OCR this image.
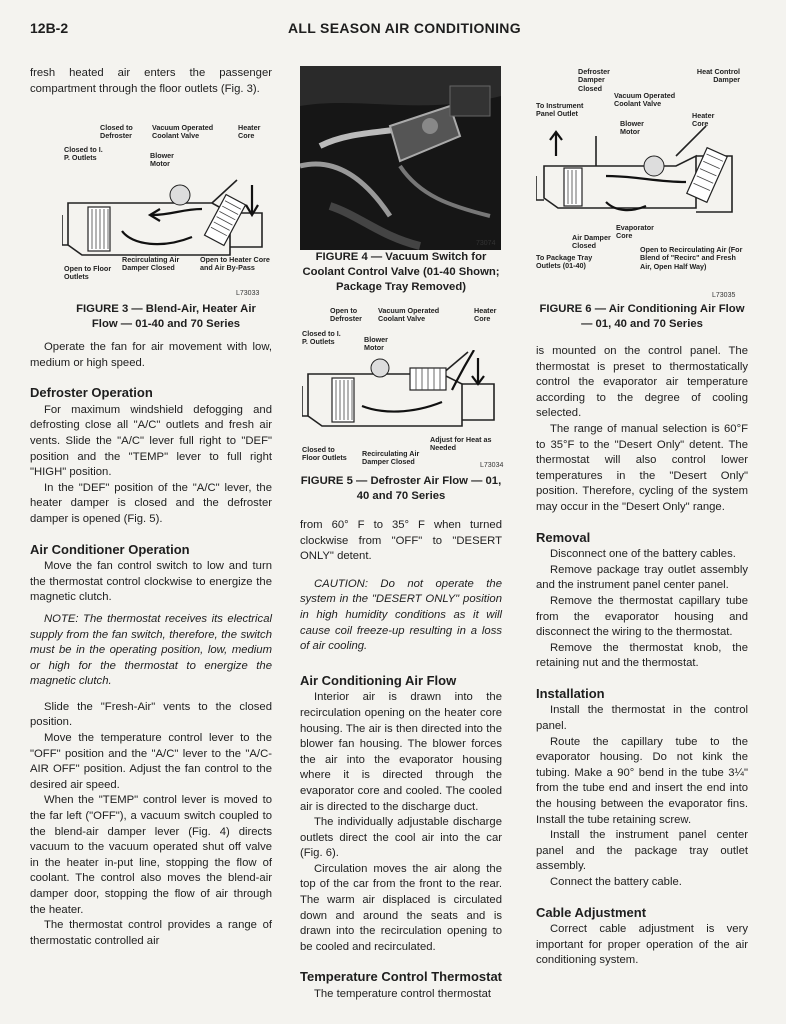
12B-2	ALL SEASON AIR CONDITIONING

fresh heated air enters the passenger compartment through the floor outlets (Fig. 3).

Closed to Defroster
Vacuum Operated Coolant Valve
Heater Core
Closed to I. P. Outlets	Blower Motor
Recirculating Air Damper Closed
Open to Heater Core and Air By-Pass
Open to Floor Outlets
L73033
FIGURE 3 — Blend-Air, Heater Air Flow — 01-40 and 70 Series

Operate the fan for air movement with low, medium or high speed.

Defroster Operation

For maximum windshield defogging and defrosting close all "A/C" outlets and fresh air vents. Slide the "A/C" lever full right to "DEF" position and the "TEMP" lever to full right "HIGH" position.

In the "DEF" position of the "A/C" lever, the heater damper is closed and the defroster damper is opened (Fig. 5).

Air Conditioner Operation

Move the fan control switch to low and turn the thermostat control clockwise to energize the magnetic clutch.

NOTE: The thermostat receives its electrical supply from the fan switch, therefore, the switch must be in the operating position, low, medium or high for the thermostat to energize the magnetic clutch.

Slide the "Fresh-Air" vents to the closed position.

Move the temperature control lever to the "OFF" position and the "A/C" lever to the "A/C-AIR OFF" position. Adjust the fan control to the desired air speed.

When the "TEMP" control lever is moved to the far left ("OFF"), a vacuum switch coupled to the blend-air damper lever (Fig. 4) directs vacuum to the vacuum operated shut off valve in the heater in-put line, stopping the flow of coolant. The control also moves the blend-air damper door, stopping the flow of air through the heater.

The thermostat control provides a range of thermostatic controlled air

73074
FIGURE 4 — Vacuum Switch for Coolant Control Valve (01-40 Shown; Package Tray Removed)
Open to Defroster
Vacuum Operated Coolant Valve
Heater Core
Closed to I. P. Outlets	Blower Motor
Adjust for Heat as Needed
Closed to Floor Outlets Recirculating Air Damper Closed	L73034
FIGURE 5 — Defroster Air Flow — 01, 40 and 70 Series

from 60° F to 35° F when turned clockwise from "OFF" to "DESERT ONLY" detent.

CAUTION: Do not operate the system in the "DESERT ONLY" position in high humidity conditions as it will cause coil freeze-up resulting in a loss of air cooling.

Air Conditioning Air Flow

Interior air is drawn into the recirculation opening on the heater core housing. The air is then directed into the blower fan housing. The blower forces the air into the evaporator housing where it is directed through the evaporator core and cooled. The cooled air is directed to the discharge duct.

The individually adjustable discharge outlets direct the cool air into the car (Fig. 6).

Circulation moves the air along the top of the car from the front to the rear. The warm air displaced is circulated down and around the seats and is drawn into the recirculation opening to be cooled and recirculated.

Temperature Control Thermostat

The temperature control thermostat

Defroster Damper Closed
Heat Control Damper
To Instrument Panel Outlet
Vacuum Operated Coolant Valve
Blower Motor
Heater Core
Evaporator Core
Air Damper Closed
To Package Tray Outlets (01-40)
Open to Recirculating Air (For Blend of "Recirc" and Fresh Air, Open Half Way)
L73035
FIGURE 6 — Air Conditioning Air Flow — 01, 40 and 70 Series

is mounted on the control panel. The thermostat is preset to thermostatically control the evaporator air temperature according to the degree of cooling selected.

The range of manual selection is 60°F to 35°F to the "Desert Only" detent. The thermostat will also control lower temperatures in the "Desert Only" position. Therefore, cycling of the system may occur in the "Desert Only" range.

Removal

Disconnect one of the battery cables.

Remove package tray outlet assembly and the instrument panel center panel.

Remove the thermostat capillary tube from the evaporator housing and disconnect the wiring to the thermostat.

Remove the thermostat knob, the retaining nut and the thermostat.

Installation

Install the thermostat in the control panel.

Route the capillary tube to the evaporator housing. Do not kink the tubing. Make a 90° bend in the tube 3¼" from the tube end and insert the end into the housing between the evaporator fins. Install the tube retaining screw.

Install the instrument panel center panel and the package tray outlet assembly.

Connect the battery cable.

Cable Adjustment

Correct cable adjustment is very important for proper operation of the air conditioning system.
